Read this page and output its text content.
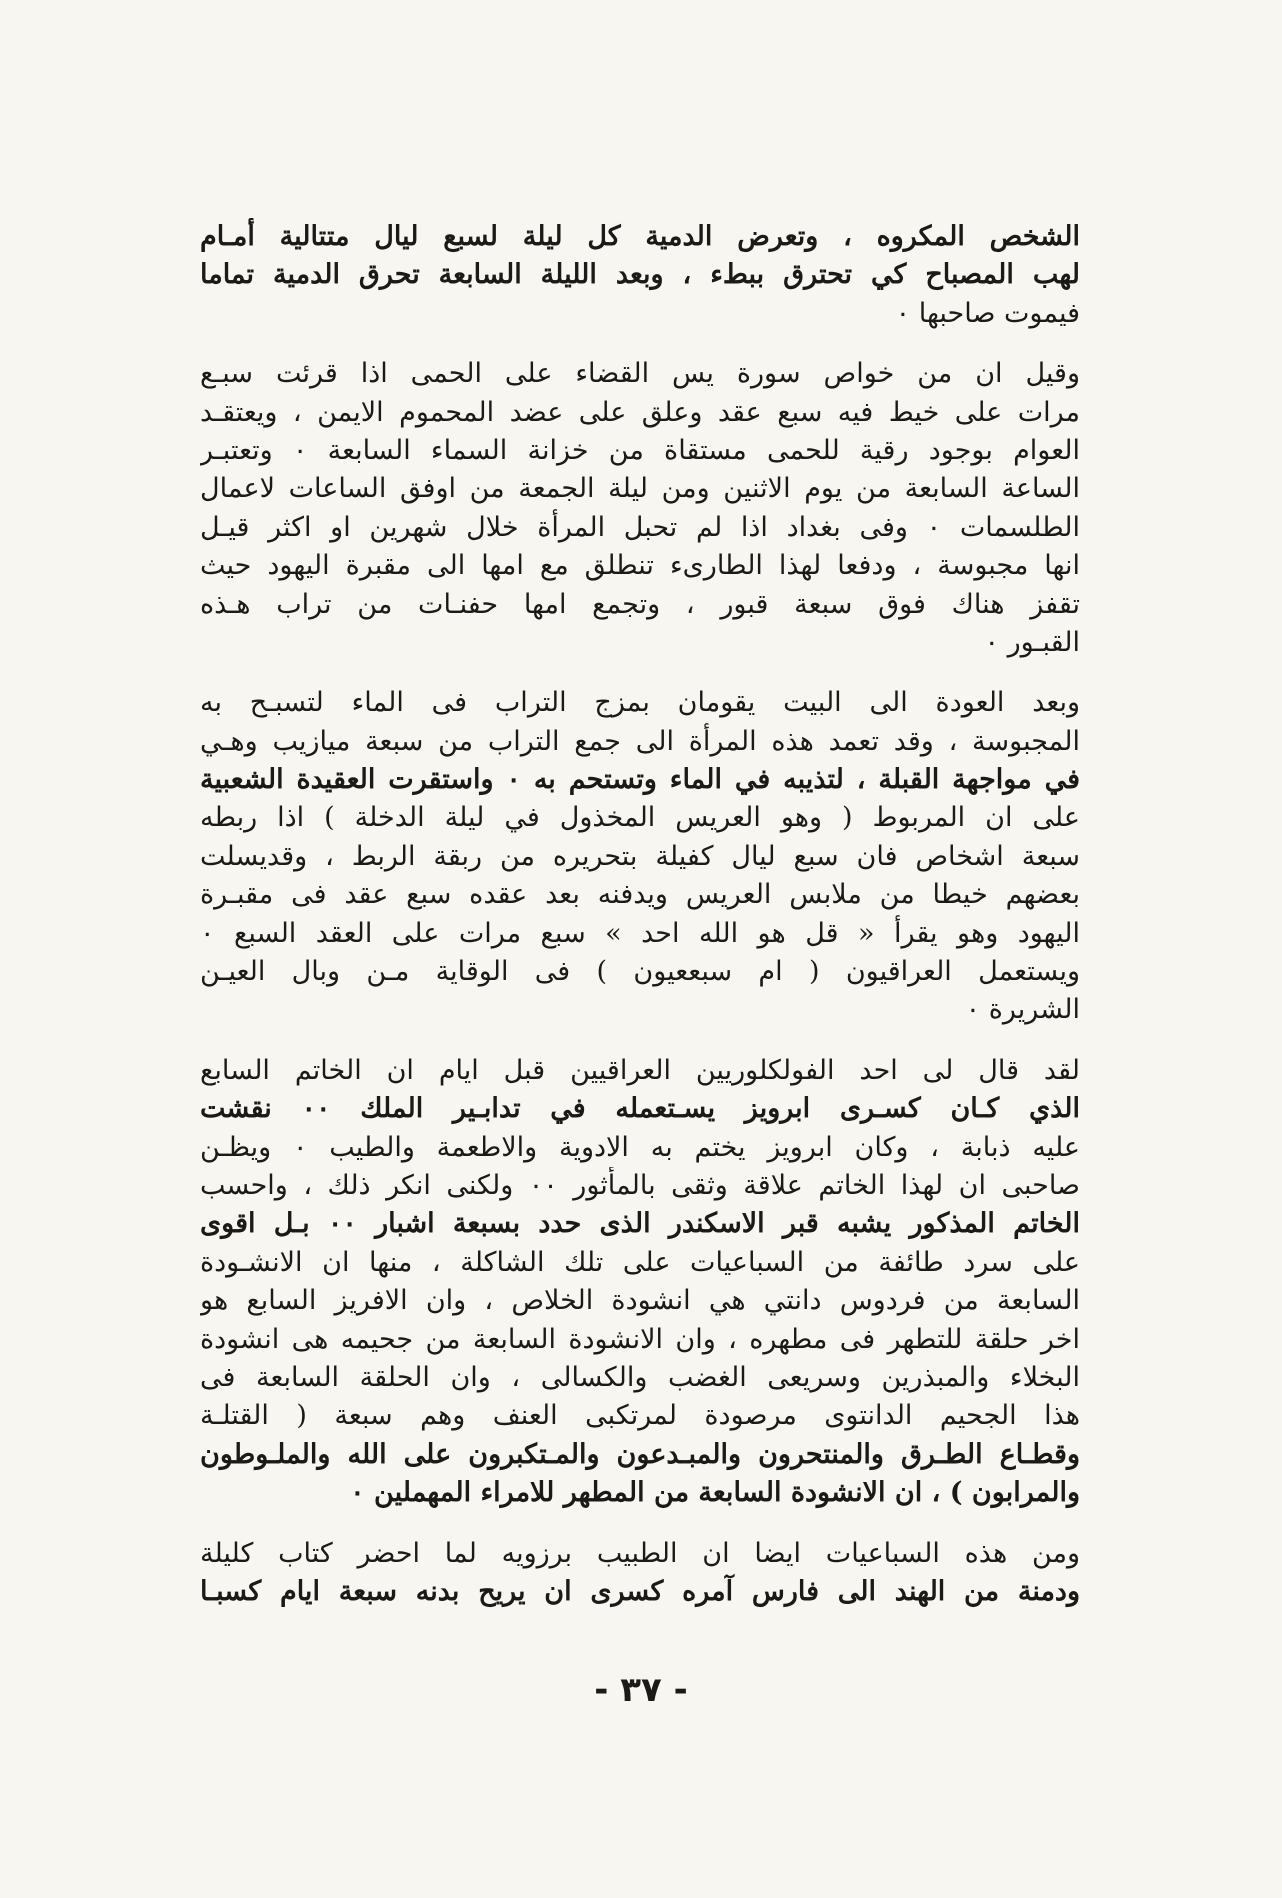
الشخص المكروه ، وتعرض الدمية كل ليلة لسبع ليال متتالية أمـام
لهب المصباح كي تحترق ببطء ، وبعد الليلة السابعة تحرق الدمية تماما
فيموت صاحبها ٠
وقيل ان من خواص سورة يس القضاء على الحمى اذا قرئت سبـع
مرات على خيط فيه سبع عقد وعلق على عضد المحموم الايمن ، ويعتقـد
العوام بوجود رقية للحمى مستقاة من خزانة السماء السابعة ٠ وتعتبـر
الساعة السابعة من يوم الاثنين ومن ليلة الجمعة من اوفق الساعات لاعمال
الطلسمات ٠ وفى بغداد اذا لم تحبل المرأة خلال شهرين او اكثر قيـل
انها مجبوسة ، ودفعا لهذا الطارىء تنطلق مع امها الى مقبرة اليهود حيث
تقفز هناك فوق سبعة قبور ، وتجمع امها حفنـات من تراب هـذه
القبـور ٠
وبعد العودة الى البيت يقومان بمزج التراب فى الماء لتسبـح به
المجبوسة ، وقد تعمد هذه المرأة الى جمع التراب من سبعة ميازيب وهـي
في مواجهة القبلة ، لتذيبه في الماء وتستحم به ٠ واستقرت العقيدة الشعبية
على ان المربوط ( وهو العريس المخذول في ليلة الدخلة ) اذا ربطه
سبعة اشخاص فان سبع ليال كفيلة بتحريره من ربقة الربط ، وقديسلت
بعضهم خيطا من ملابس العريس ويدفنه بعد عقده سبع عقد فى مقبـرة
اليهود وهو يقرأ « قل هو الله احد » سبع مرات على العقد السبع ٠
ويستعمل العراقيون ( ام سبععيون ) فى الوقاية مـن وبال العيـن
الشريرة ٠
لقد قال لى احد الفولكلوريين العراقيين قبل ايام ان الخاتم السابع
الذي كـان كسـرى ابرويز يسـتعمله في تدابـير الملك ٠٠ نقشت
عليه ذبابة ، وكان ابرويز يختم به الادوية والاطعمة والطيب ٠ ويظـن
صاحبى ان لهذا الخاتم علاقة وثقى بالمأثور ٠٠ ولكنى انكر ذلك ، واحسب
الخاتم المذكور يشبه قبر الاسكندر الذى حدد بسبعة اشبار ٠٠ بـل اقوى
على سرد طائفة من السباعيات على تلك الشاكلة ، منها ان الانشـودة
السابعة من فردوس دانتي هي انشودة الخلاص ، وان الافريز السابع هو
اخر حلقة للتطهر فى مطهره ، وان الانشودة السابعة من جحيمه هى انشودة
البخلاء والمبذرين وسريعى الغضب والكسالى ، وان الحلقة السابعة فى
هذا الجحيم الدانتوى مرصودة لمرتكبى العنف وهم سبعة ( القتلـة
وقطـاع الطـرق والمنتحرون والمبـدعون والمـتكبرون على الله والملـوطون
والمرابون ) ، ان الانشودة السابعة من المطهر للامراء المهملين ٠
ومن هذه السباعيات ايضا ان الطبيب برزويه لما احضر كتاب كليلة
ودمنة من الهند الى فارس آمره كسرى ان يريح بدنه سبعة ايام كسبـا
- ٣٧ -
